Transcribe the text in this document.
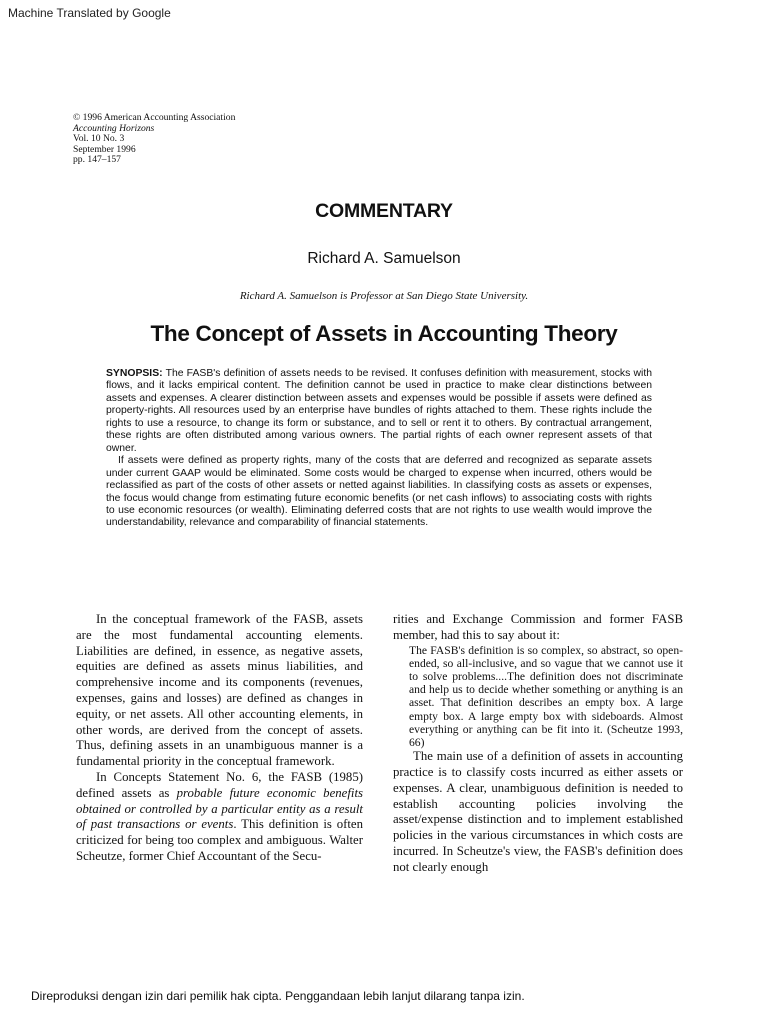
Machine Translated by Google
© 1996 American Accounting Association
Accounting Horizons
Vol. 10 No. 3
September 1996
pp. 147–157
COMMENTARY
Richard A. Samuelson
Richard A. Samuelson is Professor at San Diego State University.
The Concept of Assets in Accounting Theory

SYNOPSIS: The FASB's definition of assets needs to be revised. It confuses definition with measurement, stocks with flows, and it lacks empirical content. The definition cannot be used in practice to make clear distinctions between assets and expenses. A clearer distinction between assets and expenses would be possible if assets were defined as property-rights. All resources used by an enterprise have bundles of rights attached to them. These rights include the rights to use a resource, to change its form or substance, and to sell or rent it to others. By contractual arrangement, these rights are often distributed among various owners. The partial rights of each owner represent assets of that owner.

If assets were defined as property rights, many of the costs that are deferred and recognized as separate assets under current GAAP would be eliminated. Some costs would be charged to expense when incurred, others would be reclassified as part of the costs of other assets or netted against liabilities. In classifying costs as assets or expenses, the focus would change from estimating future economic benefits (or net cash inflows) to associating costs with rights to use economic resources (or wealth). Eliminating deferred costs that are not rights to use wealth would improve the understandability, relevance and comparability of financial statements.

In the conceptual framework of the FASB, assets are the most fundamental accounting elements. Liabilities are defined, in essence, as negative assets, equities are defined as assets minus liabilities, and comprehensive income and its components (revenues, expenses, gains and losses) are defined as changes in equity, or net assets. All other accounting elements, in other words, are derived from the concept of assets. Thus, defining assets in an unambiguous manner is a fundamental priority in the conceptual framework.

In Concepts Statement No. 6, the FASB (1985) defined assets as probable future economic benefits obtained or controlled by a particular entity as a result of past transactions or events. This definition is often criticized for being too complex and ambiguous. Walter Scheutze, former Chief Accountant of the Secu-

rities and Exchange Commission and former FASB member, had this to say about it:

The FASB's definition is so complex, so abstract, so open-ended, so all-inclusive, and so vague that we cannot use it to solve problems....The definition does not discriminate and help us to decide whether something or anything is an asset. That definition describes an empty box. A large empty box. A large empty box with sideboards. Almost everything or anything can be fit into it. (Scheutze 1993, 66)

The main use of a definition of assets in accounting practice is to classify costs incurred as either assets or expenses. A clear, unambiguous definition is needed to establish accounting policies involving the asset/expense distinction and to implement established policies in the various circumstances in which costs are incurred. In Scheutze's view, the FASB's definition does not clearly enough

Direproduksi dengan izin dari pemilik hak cipta. Penggandaan lebih lanjut dilarang tanpa izin.
